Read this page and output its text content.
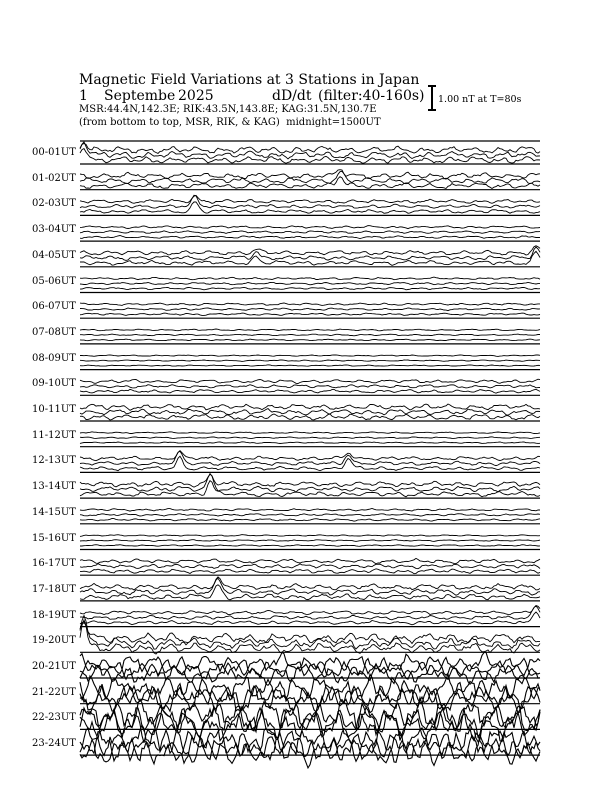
Magnetic Field Variations at 3 Stations in Japan
1 Septembe 2025	dD/dt (filter:40-160s)
MSR:44.4N,142.3E; RIK:43.5N,143.8E; KAG:31.5N,130.7E
(from bottom to top, MSR, RIK, & KAG) midnight=1500UT
1.00 nT at T=80s
00-01UT
01-02UT
02-03UT
03-04UT
04-05UT
05-06UT
06-07UT
07-08UT
08-09UT
09-10UT
10-11UT
11-12UT
12-13UT
13-14UT
14-15UT
15-16UT
16-17UT
17-18UT
18-19UT
19-20UT
20-21UT
21-22UT
22-23UT
23-24UT
